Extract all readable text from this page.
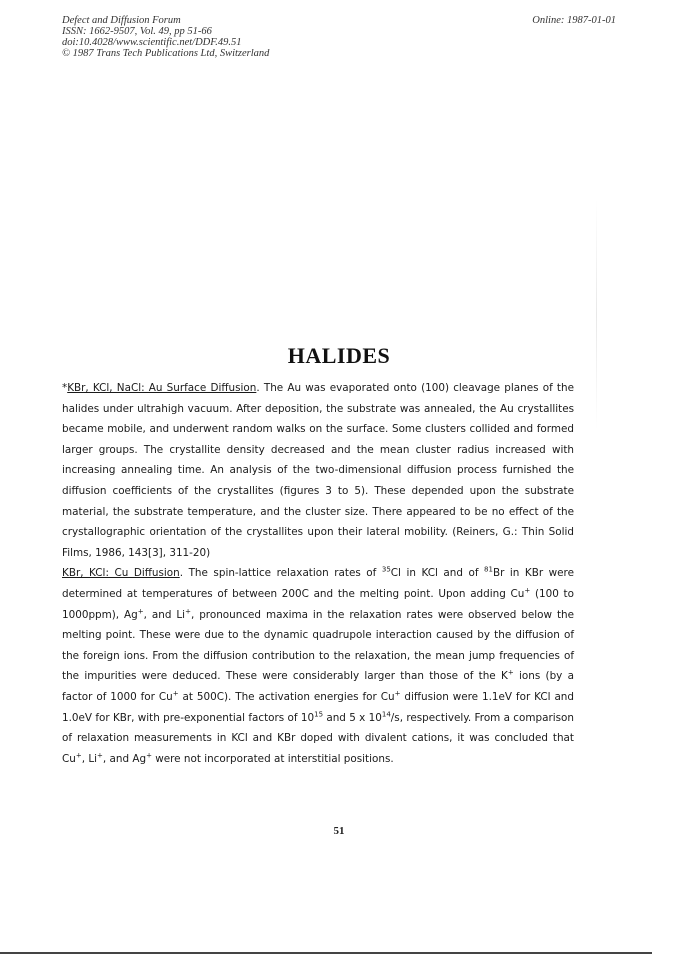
Defect and Diffusion Forum
ISSN: 1662-9507, Vol. 49, pp 51-66
doi:10.4028/www.scientific.net/DDF.49.51
© 1987 Trans Tech Publications Ltd, Switzerland
Online: 1987-01-01
HALIDES

*KBr, KCl, NaCl: Au Surface Diffusion. The Au was evaporated onto (100) cleavage planes of the halides under ultrahigh vacuum. After deposition, the substrate was annealed, the Au crystallites became mobile, and underwent random walks on the surface. Some clusters collided and formed larger groups. The crystallite density decreased and the mean cluster radius increased with increasing annealing time. An analysis of the two-dimensional diffusion process furnished the diffusion coefficients of the crystallites (figures 3 to 5). These depended upon the substrate material, the substrate temperature, and the cluster size. There appeared to be no effect of the crystallographic orientation of the crystallites upon their lateral mobility. (Reiners, G.: Thin Solid Films, 1986, 143[3], 311-20)

KBr, KCl: Cu Diffusion. The spin-lattice relaxation rates of $^{35}$Cl in KCl and of $^{81}$Br in KBr were determined at temperatures of between 200C and the melting point. Upon adding Cu+ (100 to 1000ppm), Ag+, and Li+, pronounced maxima in the relaxation rates were observed below the melting point. These were due to the dynamic quadrupole interaction caused by the diffusion of the foreign ions. From the diffusion contribution to the relaxation, the mean jump frequencies of the impurities were deduced. These were considerably larger than those of the K+ ions (by a factor of 1000 for Cu+ at 500C). The activation energies for Cu+ diffusion were 1.1eV for KCl and 1.0eV for KBr, with pre-exponential factors of $10^{15}$ and 5 x $10^{14}/s$, respectively. From a comparison of relaxation measurements in KCl and KBr doped with divalent cations, it was concluded that Cu+, Li+, and Ag+ were not incorporated at interstitial positions.

51
